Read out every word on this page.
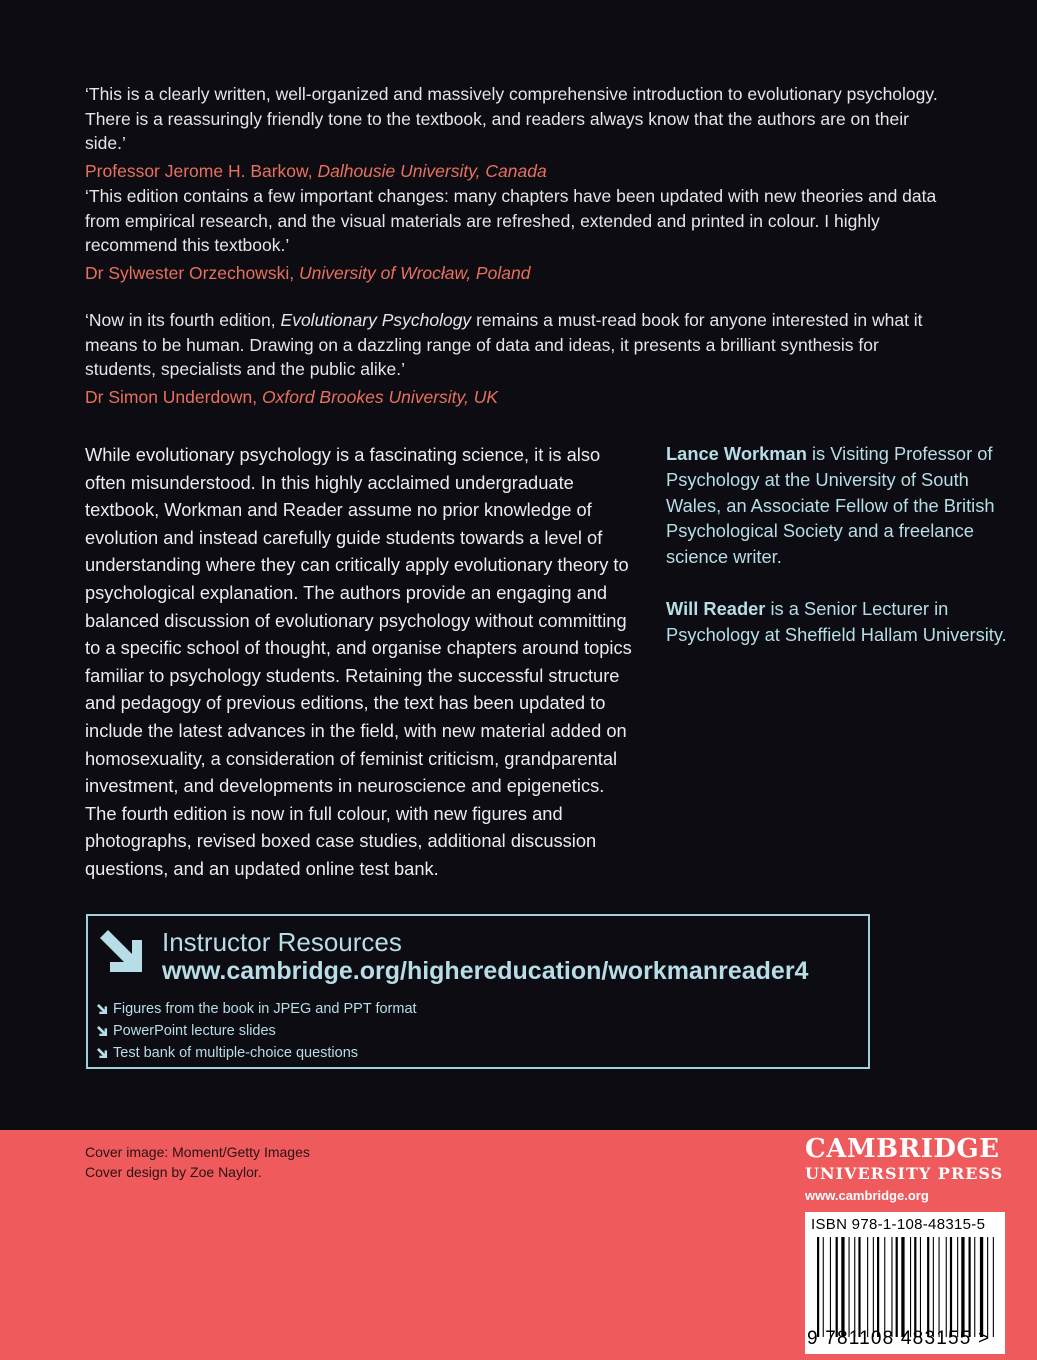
‘This is a clearly written, well-organized and massively comprehensive introduction to evolutionary psychology. There is a reassuringly friendly tone to the textbook, and readers always know that the authors are on their side.’
Professor Jerome H. Barkow, Dalhousie University, Canada
‘This edition contains a few important changes: many chapters have been updated with new theories and data from empirical research, and the visual materials are refreshed, extended and printed in colour. I highly recommend this textbook.’
Dr Sylwester Orzechowski, University of Wrocław, Poland
‘Now in its fourth edition, Evolutionary Psychology remains a must-read book for anyone interested in what it means to be human. Drawing on a dazzling range of data and ideas, it presents a brilliant synthesis for students, specialists and the public alike.’
Dr Simon Underdown, Oxford Brookes University, UK
While evolutionary psychology is a fascinating science, it is also often misunderstood. In this highly acclaimed undergraduate textbook, Workman and Reader assume no prior knowledge of evolution and instead carefully guide students towards a level of understanding where they can critically apply evolutionary theory to psychological explanation. The authors provide an engaging and balanced discussion of evolutionary psychology without committing to a specific school of thought, and organise chapters around topics familiar to psychology students. Retaining the successful structure and pedagogy of previous editions, the text has been updated to include the latest advances in the field, with new material added on homosexuality, a consideration of feminist criticism, grandparental investment, and developments in neuroscience and epigenetics. The fourth edition is now in full colour, with new figures and photographs, revised boxed case studies, additional discussion questions, and an updated online test bank.
Lance Workman is Visiting Professor of Psychology at the University of South Wales, an Associate Fellow of the British Psychological Society and a freelance science writer.
Will Reader is a Senior Lecturer in Psychology at Sheffield Hallam University.
Instructor Resources
www.cambridge.org/highereducation/workmanreader4
Figures from the book in JPEG and PPT format
PowerPoint lecture slides
Test bank of multiple-choice questions
Cover image: Moment/Getty Images
Cover design by Zoe Naylor.
CAMBRIDGE
UNIVERSITY PRESS
www.cambridge.org
ISBN 978-1-108-48315-5
9 781108 483155 >
